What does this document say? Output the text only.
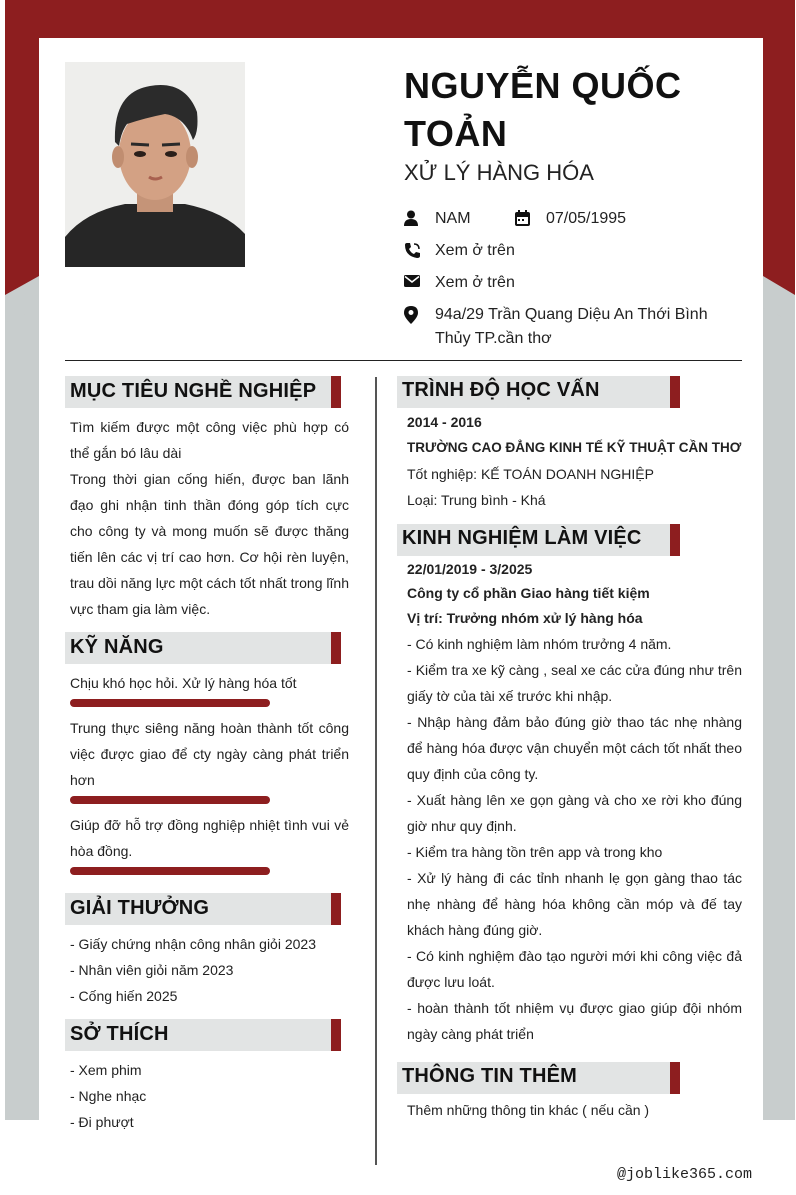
NGUYỄN QUỐC TOẢN
XỬ LÝ HÀNG HÓA
NAM	07/05/1995
Xem ở trên
Xem ở trên
94a/29 Trần Quang Diệu An Thới Bình Thủy TP.cần thơ
MỤC TIÊU NGHỀ NGHIỆP

Tìm kiếm được một công việc phù hợp có thể gắn bó lâu dài

Trong thời gian cống hiến, được ban lãnh đạo ghi nhận tinh thần đóng góp tích cực cho công ty và mong muốn sẽ được thăng tiến lên các vị trí cao hơn. Cơ hội rèn luyện, trau dồi năng lực một cách tốt nhất trong lĩnh vực tham gia làm việc.

KỸ NĂNG
Chịu khó học hỏi. Xử lý hàng hóa tốt
Trung thực siêng năng hoàn thành tốt công việc được giao để cty ngày càng phát triển hơn
Giúp đỡ hỗ trợ đồng nghiệp nhiệt tình vui vẻ hòa đồng.
GIẢI THƯỞNG

- Giấy chứng nhận công nhân giỏi 2023

- Nhân viên giỏi năm 2023

- Cống hiến 2025

SỞ THÍCH

- Xem phim

- Nghe nhạc

- Đi phượt

TRÌNH ĐỘ HỌC VẤN

2014 - 2016

TRƯỜNG CAO ĐẲNG KINH TẾ KỸ THUẬT CẦN THƠ

Tốt nghiệp: KẾ TOÁN DOANH NGHIỆP

Loại: Trung bình - Khá

KINH NGHIỆM LÀM VIỆC

22/01/2019 - 3/2025

Công ty cổ phần Giao hàng tiết kiệm

Vị trí: Trưởng nhóm xử lý hàng hóa

- Có kinh nghiệm làm nhóm trưởng 4 năm.

- Kiểm tra xe kỹ càng , seal xe các cửa đúng như trên giấy tờ của tài xế trước khi nhập.

- Nhập hàng đảm bảo đúng giờ thao tác nhẹ nhàng để hàng hóa được vận chuyển một cách tốt nhất theo quy định của công ty.

- Xuất hàng lên xe gọn gàng và cho xe rời kho đúng giờ như quy định.

- Kiểm tra hàng tồn trên app và trong kho

- Xử lý hàng đi các tỉnh nhanh lẹ gọn gàng thao tác nhẹ nhàng để hàng hóa không cần móp và đế tay khách hàng đúng giờ.

- Có kinh nghiệm đào tạo người mới khi công việc đả được lưu loát.

- hoàn thành tốt nhiệm vụ được giao giúp đội nhóm ngày càng phát triển

THÔNG TIN THÊM
Thêm những thông tin khác ( nếu cần )
@joblike365.com
